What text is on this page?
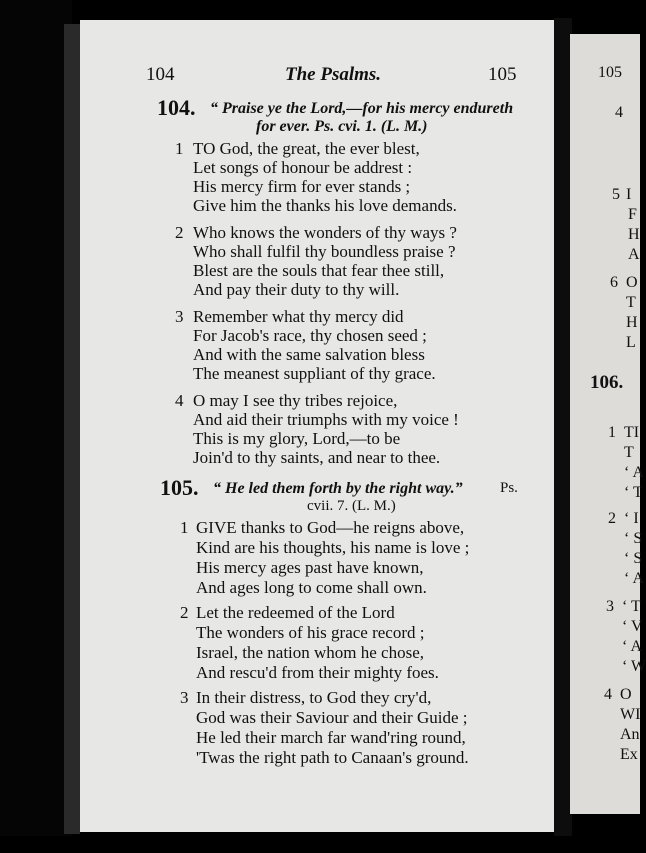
104	The Psalms.	105
104. “ Praise ye the Lord,—for his mercy endureth
for ever. Ps. cvi. 1. (L. M.)
1 TO God, the great, the ever blest,
Let songs of honour be addrest :
His mercy firm for ever stands ;
Give him the thanks his love demands.
2 Who knows the wonders of thy ways ?
Who shall fulfil thy boundless praise ?
Blest are the souls that fear thee still,
And pay their duty to thy will.
3 Remember what thy mercy did
For Jacob's race, thy chosen seed ;
And with the same salvation bless
The meanest suppliant of thy grace.
4 O may I see thy tribes rejoice,
And aid their triumphs with my voice !
This is my glory, Lord,—to be
Join'd to thy saints, and near to thee.
105. “ He led them forth by the right way.” Ps.
cvii. 7. (L. M.)
1 GIVE thanks to God—he reigns above,
Kind are his thoughts, his name is love ;
His mercy ages past have known,
And ages long to come shall own.
2 Let the redeemed of the Lord
The wonders of his grace record ;
Israel, the nation whom he chose,
And rescu'd from their mighty foes.
3 In their distress, to God they cry'd,
God was their Saviour and their Guide ;
He led their march far wand'ring round,
'Twas the right path to Canaan's ground.
105
4
5 I
F
H
A
6 O
T
H
L
106.
1 TI
T
‘ A
‘ T
2 ‘ I
‘ S
‘ S
‘ A
3 ‘ T
‘ V
‘ A
‘ W
4 O
WI
An
Ex
